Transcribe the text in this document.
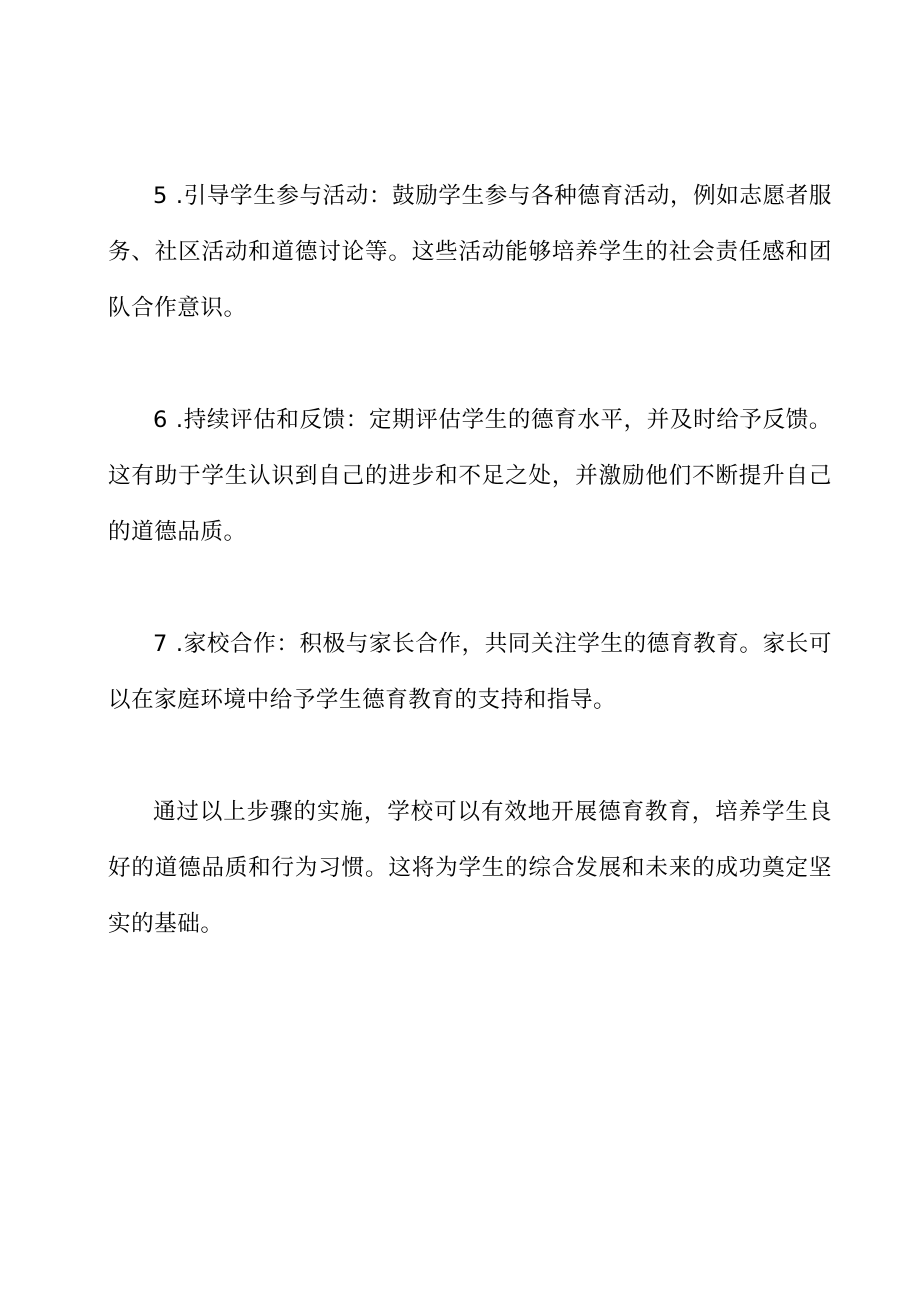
5 .引导学生参与活动：鼓励学生参与各种德育活动，例如志愿者服务、社区活动和道德讨论等。这些活动能够培养学生的社会责任感和团队合作意识。

6 .持续评估和反馈：定期评估学生的德育水平，并及时给予反馈。这有助于学生认识到自己的进步和不足之处，并激励他们不断提升自己的道德品质。

7 .家校合作：积极与家长合作，共同关注学生的德育教育。家长可以在家庭环境中给予学生德育教育的支持和指导。

通过以上步骤的实施，学校可以有效地开展德育教育，培养学生良好的道德品质和行为习惯。这将为学生的综合发展和未来的成功奠定坚实的基础。
